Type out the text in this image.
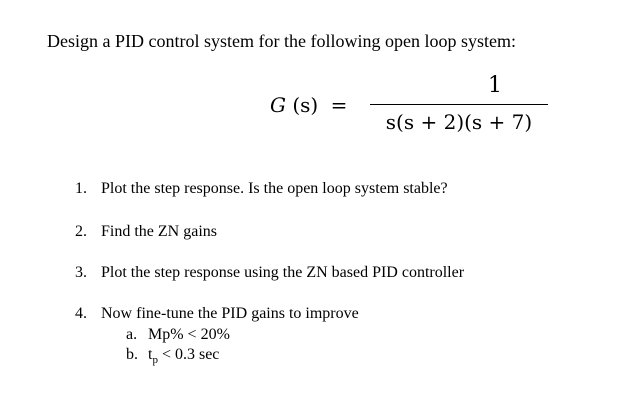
Design a PID control system for the following open loop system:
G (s) =
1
s(s + 2)(s + 7)
1. Plot the step response. Is the open loop system stable?
2. Find the ZN gains
3. Plot the step response using the ZN based PID controller
4. Now fine-tune the PID gains to improve
a. Mp% < 20%
b. $t_p < 0.3$ sec
